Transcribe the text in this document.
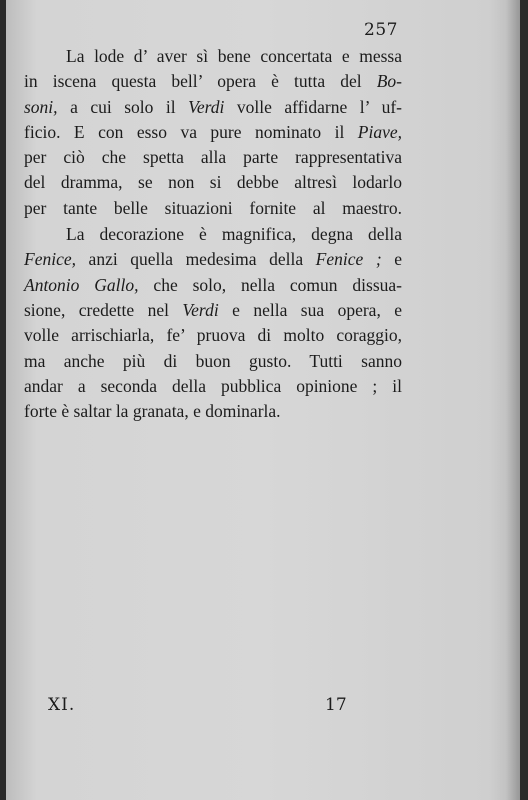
257
La lode d’ aver sì bene concertata e messa
in iscena questa bell’ opera è tutta del Bo-
soni, a cui solo il Verdi volle affidarne l’ uf-
ficio. E con esso va pure nominato il Piave,
per ciò che spetta alla parte rappresentativa
del dramma, se non si debbe altresì lodarlo
per tante belle situazioni fornite al maestro.
La decorazione è magnifica, degna della
Fenice, anzi quella medesima della Fenice ; e
Antonio Gallo, che solo, nella comun dissua-
sione, credette nel Verdi e nella sua opera, e
volle arrischiarla, fe’ pruova di molto coraggio,
ma anche più di buon gusto. Tutti sanno
andar a seconda della pubblica opinione ; il
forte è saltar la granata, e dominarla.
XI.	17
